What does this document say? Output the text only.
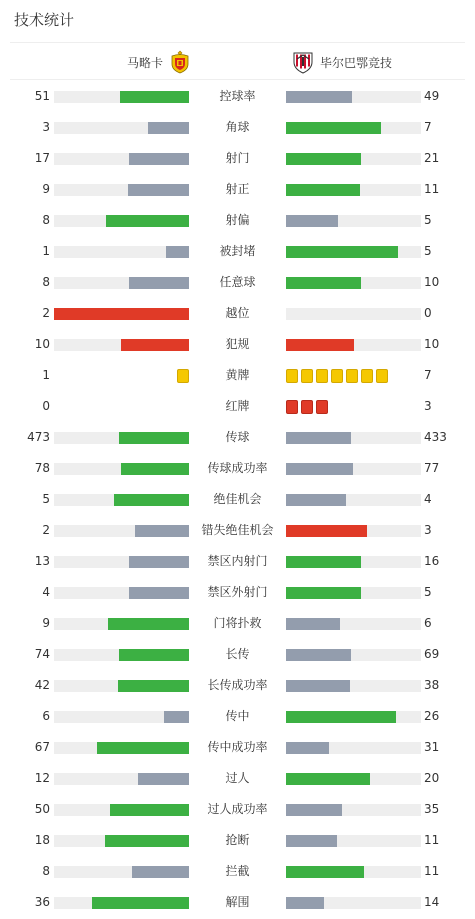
技术统计
马略卡	毕尔巴鄂竞技
51	控球率	49
3	角球	7
17	射门	21
9	射正	11
8	射偏	5
1	被封堵	5
8	任意球	10
2	越位	0
10	犯规	10
1	黄牌	7
0	红牌	3
473	传球	433
78	传球成功率	77
5	绝佳机会	4
2	错失绝佳机会	3
13	禁区内射门	16
4	禁区外射门	5
9	门将扑救	6
74	长传	69
42	长传成功率	38
6	传中	26
67	传中成功率	31
12	过人	20
50	过人成功率	35
18	抢断	11
8	拦截	11
36	解围	14
